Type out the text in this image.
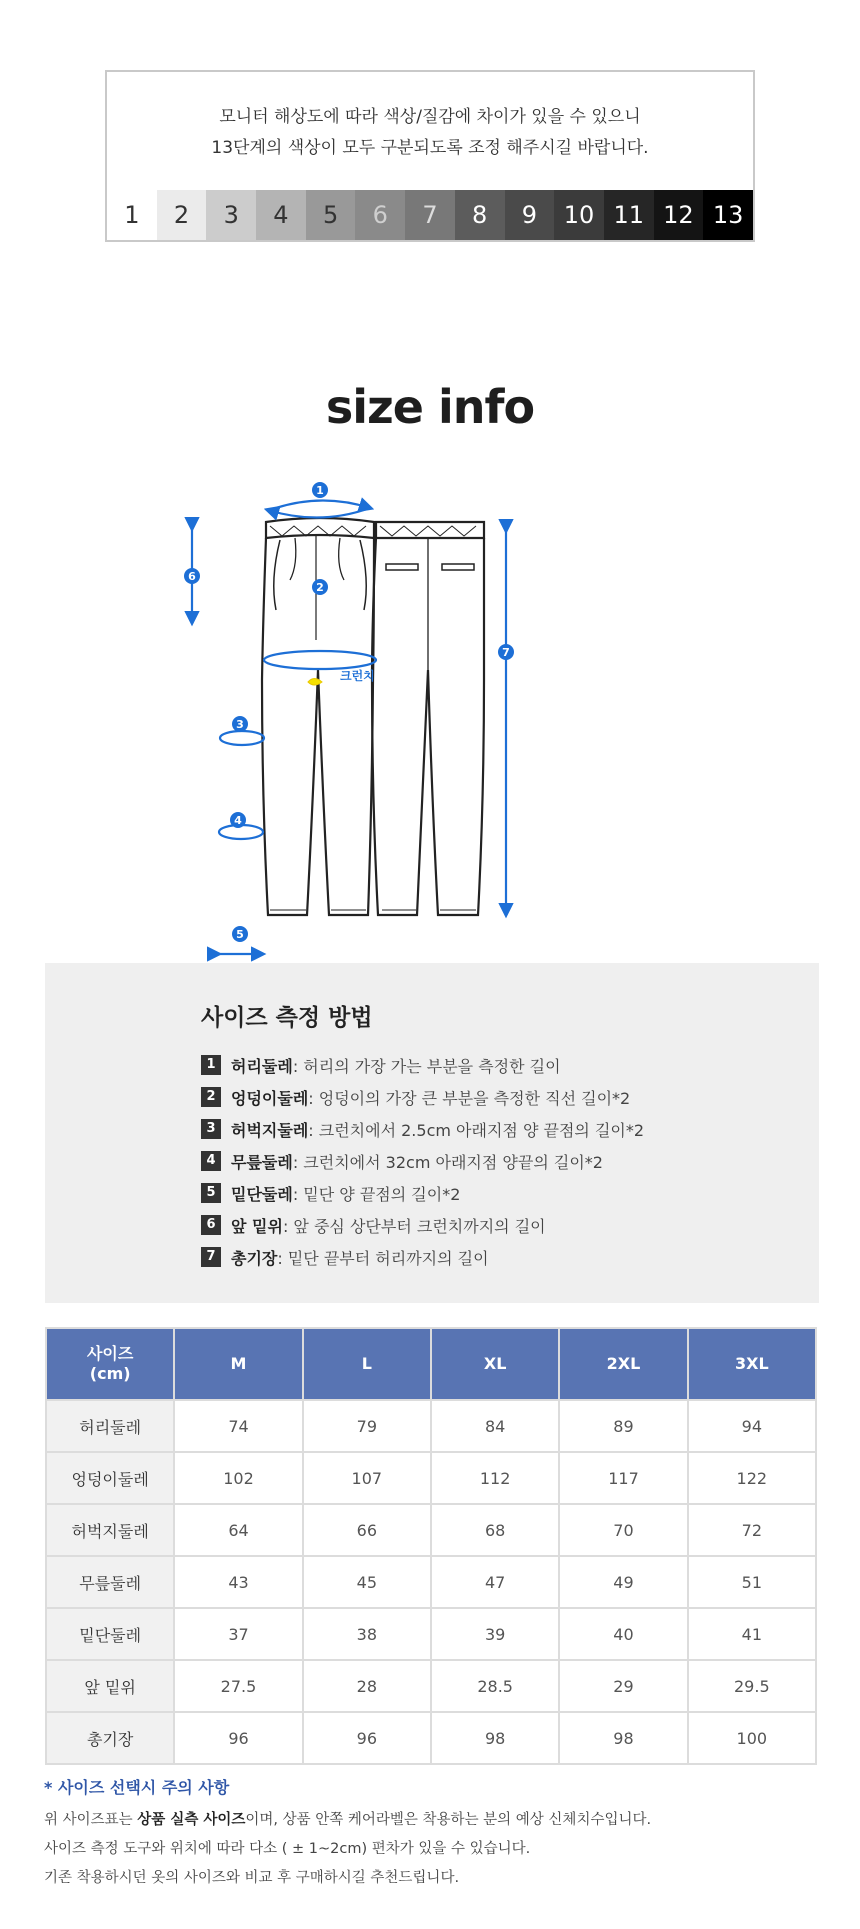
모니터 해상도에 따라 색상/질감에 차이가 있을 수 있으니
13단계의 색상이 모두 구분되도록 조정 해주시길 바랍니다.
1	2	3	4	5	6	7	8	9	10 11 12 13
size info
크런치
1
2
3
4
5
6
7
사이즈 측정 방법
1 허리둘레 : 허리의 가장 가는 부분을 측정한 길이
2 엉덩이둘레 : 엉덩이의 가장 큰 부분을 측정한 직선 길이*2
3 허벅지둘레 : 크런치에서 2.5cm 아래지점 양 끝점의 길이*2
4 무릎둘레 : 크런치에서 32cm 아래지점 양끝의 길이*2
5 밑단둘레 : 밑단 양 끝점의 길이*2
6 앞 밑위 : 앞 중심 상단부터 크런치까지의 길이
7 총기장 : 밑단 끝부터 허리까지의 길이
사이즈
(cm)	M	L	XL	2XL	3XL
허리둘레	74	79	84	89	94
엉덩이둘레	102	107	112	117	122
허벅지둘레	64	66	68	70	72
무릎둘레	43	45	47	49	51
밑단둘레	37	38	39	40	41
앞 밑위	27.5	28	28.5	29	29.5
총기장	96	96	98	98	100
* 사이즈 선택시 주의 사항

위 사이즈표는 상품 실측 사이즈이며, 상품 안쪽 케어라벨은 착용하는 분의 예상 신체치수입니다.

사이즈 측정 도구와 위치에 따라 다소 ( ± 1~2cm) 편차가 있을 수 있습니다.

기존 착용하시던 옷의 사이즈와 비교 후 구매하시길 추천드립니다.
